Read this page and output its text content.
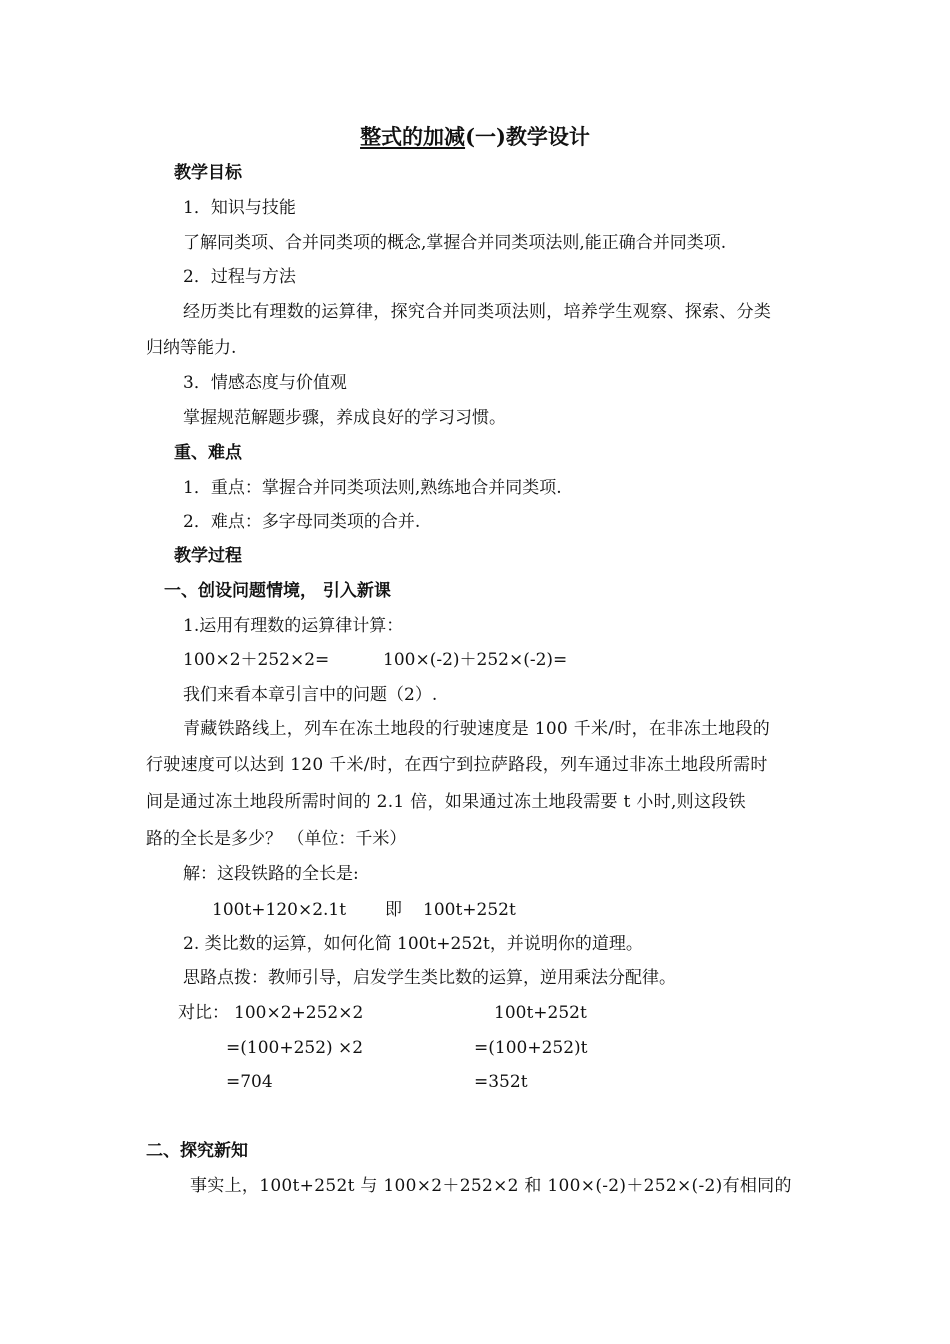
整式的加减(一)教学设计
教学目标
1．知识与技能
了解同类项、合并同类项的概念,掌握合并同类项法则,能正确合并同类项.
2．过程与方法
经历类比有理数的运算律，探究合并同类项法则，培养学生观察、探索、分类
归纳等能力.
3．情感态度与价值观
掌握规范解题步骤，养成良好的学习习惯。
重、难点
1．重点：掌握合并同类项法则,熟练地合并同类项.
2．难点：多字母同类项的合并.
教学过程
一、创设问题情境， 引入新课
1.运用有理数的运算律计算：
100×2＋252×2=	100×(-2)＋252×(-2)=
我们来看本章引言中的问题（2）.
青藏铁路线上，列车在冻土地段的行驶速度是 100 千米/时，在非冻土地段的
行驶速度可以达到 120 千米/时，在西宁到拉萨路段，列车通过非冻土地段所需时
间是通过冻土地段所需时间的 2.1 倍，如果通过冻土地段需要 t 小时,则这段铁
路的全长是多少？ （单位：千米）
解：这段铁路的全长是:
100t+120×2.1t 即 100t+252t
2. 类比数的运算，如何化简 100t+252t，并说明你的道理。
思路点拨：教师引导，启发学生类比数的运算，逆用乘法分配律。
对比： 100×2+252×2
=(100+252) ×2
=704
100t+252t
=(100+252)t
=352t
二、探究新知
事实上，100t+252t 与 100×2＋252×2 和 100×(-2)＋252×(-2)有相同的
